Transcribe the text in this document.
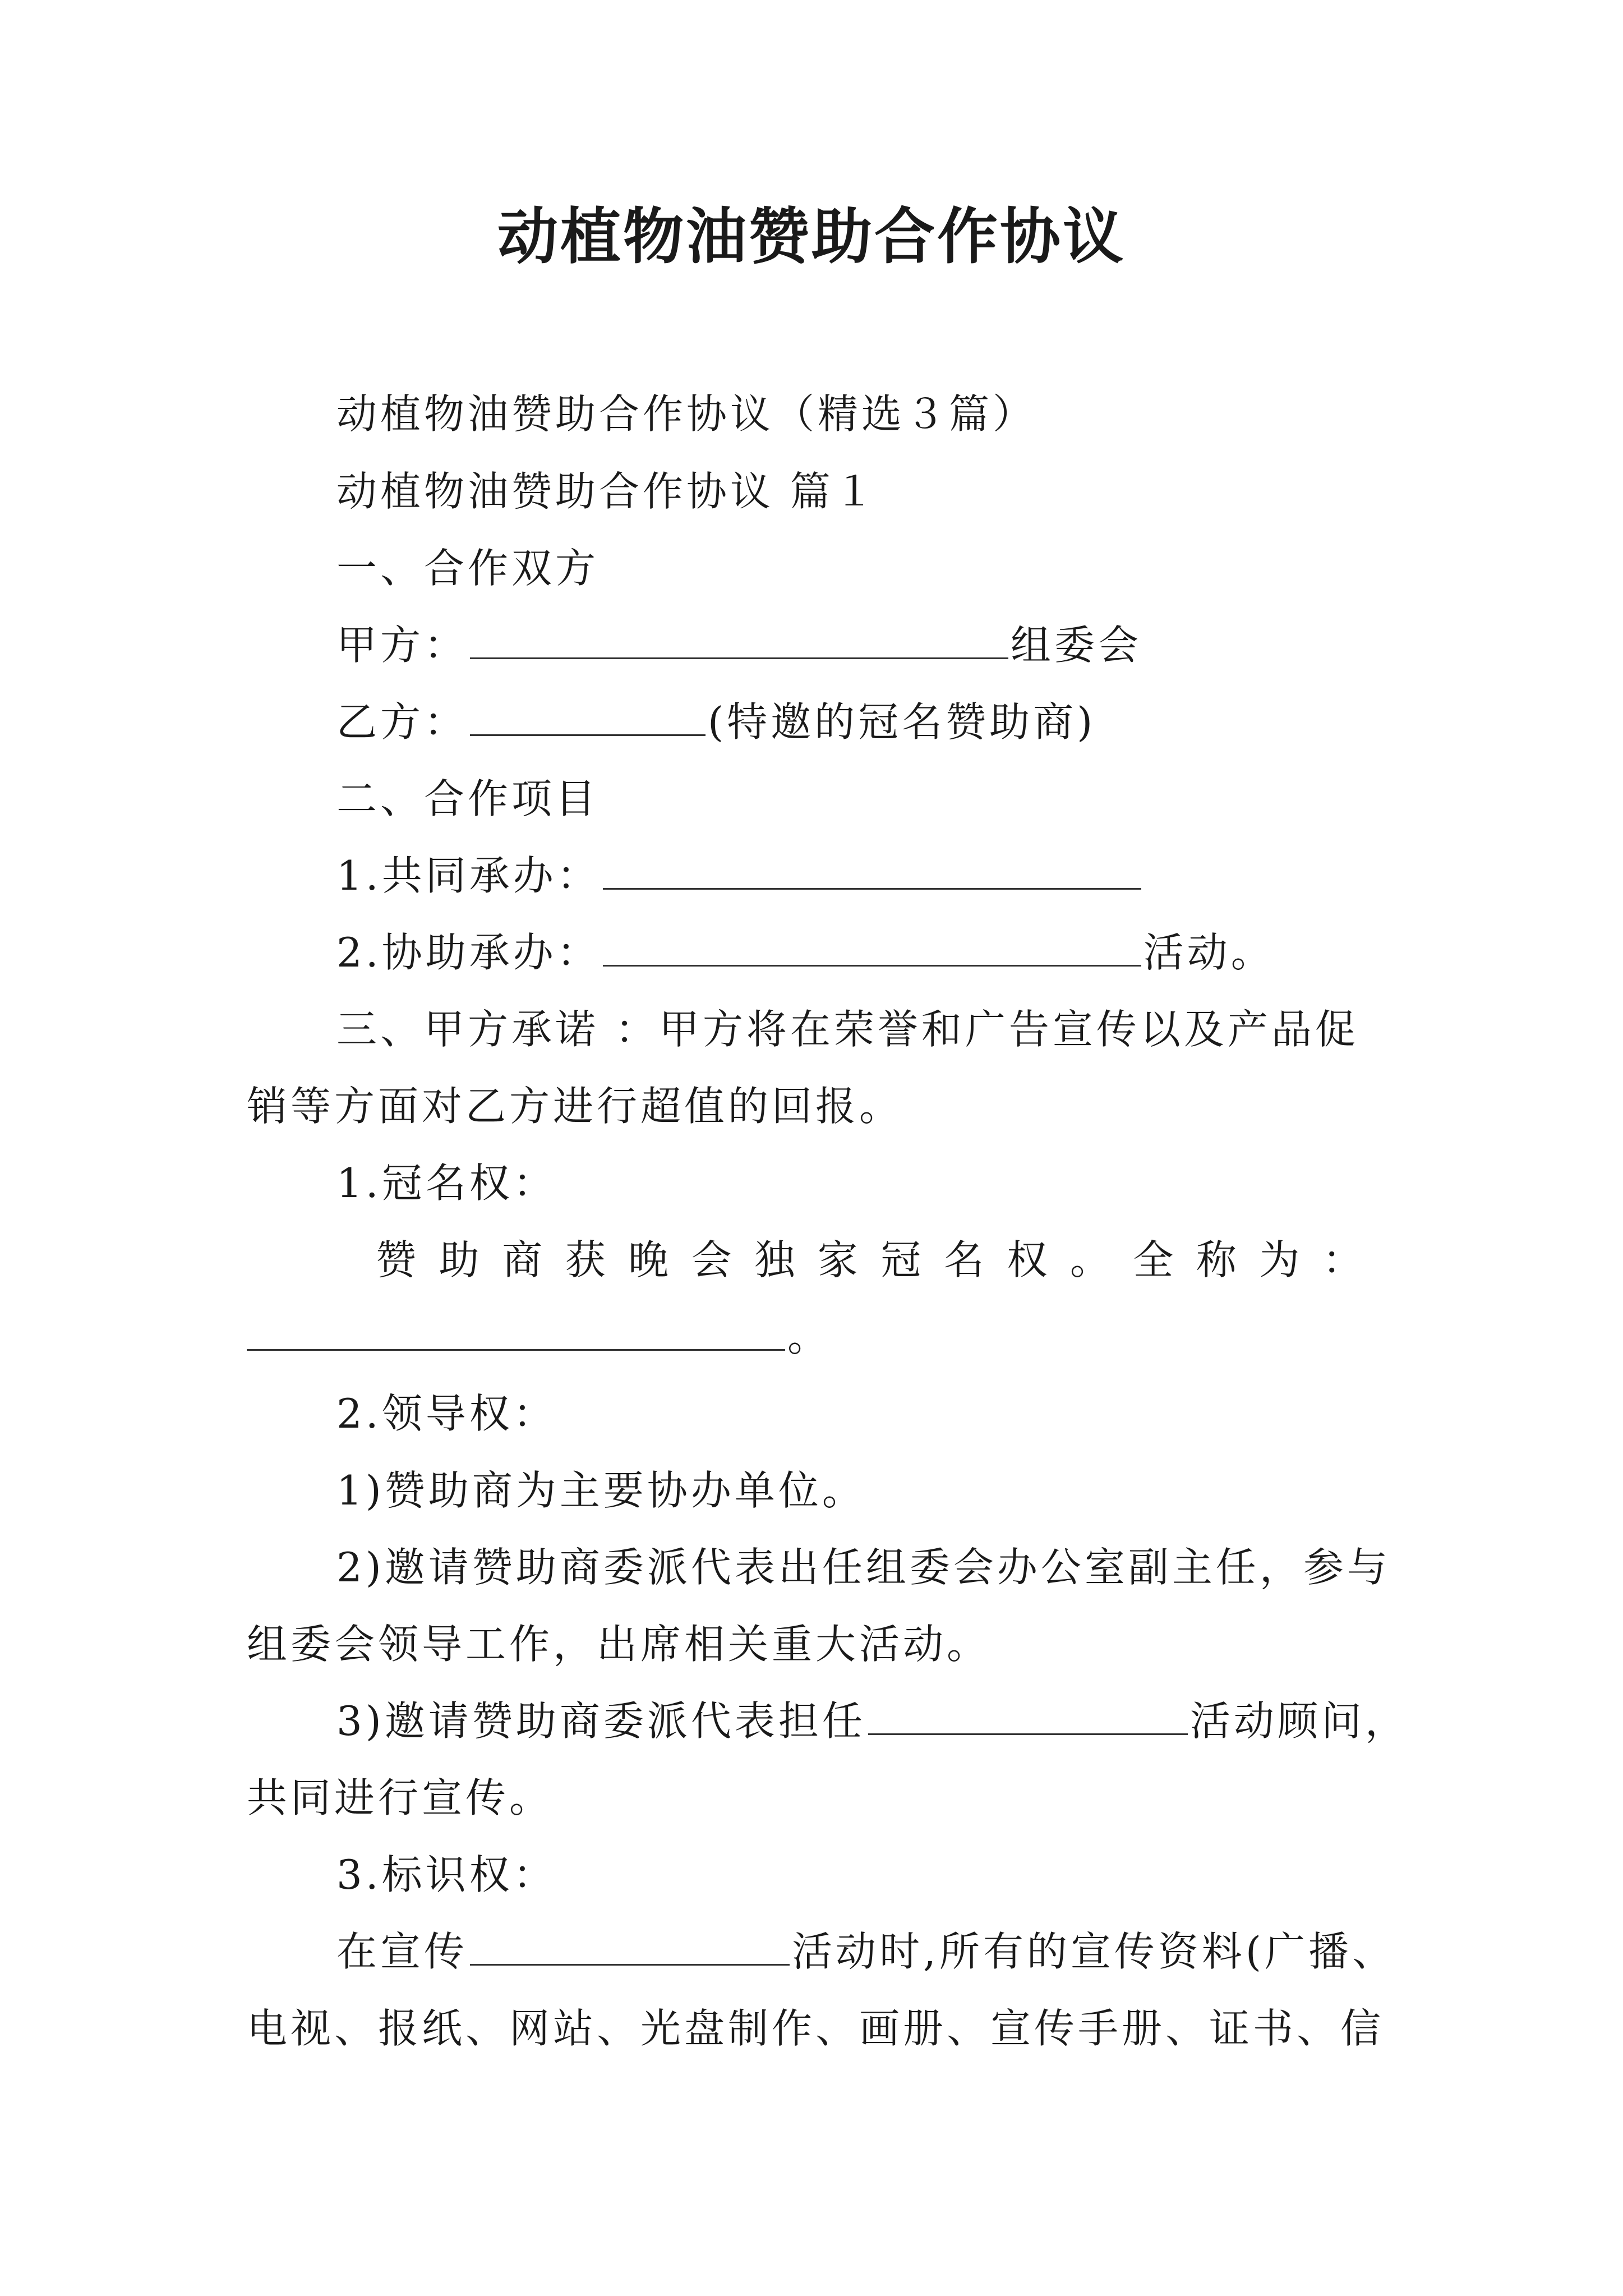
动植物油赞助合作协议
动植物油赞助合作协议（精选３篇）
动植物油赞助合作协议 篇１
一、合作双方
甲方：	组委会
乙方：	(特邀的冠名赞助商)
二、合作项目
1.共同承办：
2.协助承办：	活动。
三、甲方承诺 ：甲方将在荣誉和广告宣传以及产品促
销等方面对乙方进行超值的回报。
1.冠名权：
赞 助 商 获 晚 会 独 家 冠 名 权 。 全 称 为 ：
。
2.领导权：
1)赞助商为主要协办单位。
2)邀请赞助商委派代表出任组委会办公室副主任，参与
组委会领导工作，出席相关重大活动。
3)邀请赞助商委派代表担任	活动顾问，
共同进行宣传。
3.标识权：
在宣传	活动时,所有的宣传资料(广播、
电视、报纸、网站、光盘制作、画册、宣传手册、证书、信
